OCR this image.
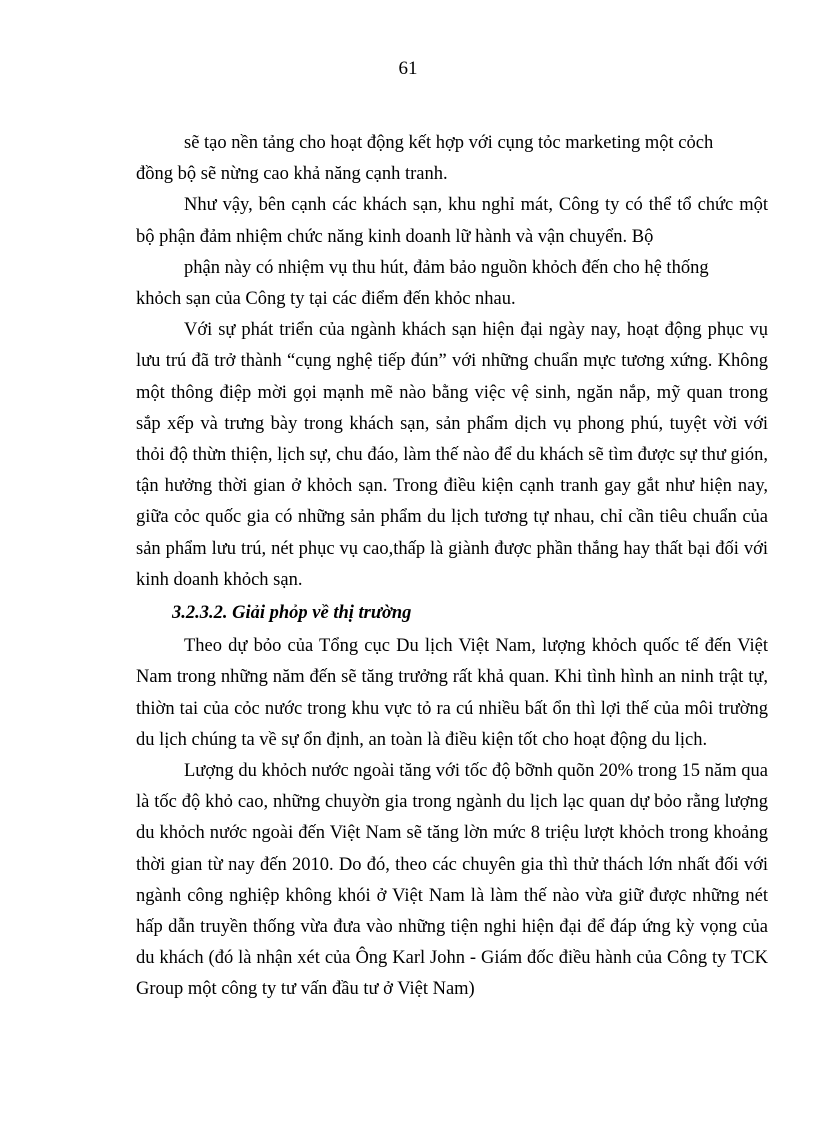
61

sẽ tạo nền tảng cho hoạt động kết hợp với cụng tỏc marketing một cỏch

đồng bộ sẽ nừng cao khả năng cạnh tranh.

Như vậy, bên cạnh các khách sạn, khu nghỉ mát, Công ty có thể tổ chức một bộ phận đảm nhiệm chức năng kinh doanh lữ hành và vận chuyển. Bộ

phận này có nhiệm vụ thu hút, đảm bảo nguồn khỏch đến cho hệ thống

khỏch sạn của Công ty tại các điểm đến khỏc nhau.

Với sự phát triển của ngành khách sạn hiện đại ngày nay, hoạt động phục vụ lưu trú đã trở thành “cụng nghệ tiếp đún” với những chuẩn mực tương xứng. Không một thông điệp mời gọi mạnh mẽ nào bằng việc vệ sinh, ngăn nắp, mỹ quan trong sắp xếp và trưng bày trong khách sạn, sản phẩm dịch vụ phong phú, tuyệt vời với thỏi độ thừn thiện, lịch sự, chu đáo, làm thế nào để du khách sẽ tìm được sự thư gión, tận hưởng thời gian ở khỏch sạn. Trong điều kiện cạnh tranh gay gắt như hiện nay, giữa cỏc quốc gia có những sản phẩm du lịch tương tự nhau, chỉ cần tiêu chuẩn của sản phẩm lưu trú, nét phục vụ cao,thấp là giành được phần thắng hay thất bại đối với kinh doanh khỏch sạn.

3.2.3.2. Giải phỏp về thị trường

Theo dự bỏo của Tổng cục Du lịch Việt Nam, lượng khỏch quốc tế đến Việt Nam trong những năm đến sẽ tăng trưởng rất khả quan. Khi tình hình an ninh trật tự, thiờn tai của cỏc nước trong khu vực tỏ ra cú nhiều bất ổn thì lợi thế của môi trường du lịch chúng ta về sự ổn định, an toàn là điều kiện tốt cho hoạt động du lịch.

Lượng du khỏch nước ngoài tăng với tốc độ bỡnh quõn 20% trong 15 năm qua là tốc độ khỏ cao, những chuyờn gia trong ngành du lịch lạc quan dự bỏo rằng lượng du khỏch nước ngoài đến Việt Nam sẽ tăng lờn mức 8 triệu lượt khỏch trong khoảng thời gian từ nay đến 2010. Do đó, theo các chuyên gia thì thử thách lớn nhất đối với ngành công nghiệp không khói ở Việt Nam là làm thế nào vừa giữ được những nét hấp dẫn truyền thống vừa đưa vào những tiện nghi hiện đại để đáp ứng kỳ vọng của du khách (đó là nhận xét của Ông Karl John - Giám đốc điều hành của Công ty TCK Group một công ty tư vấn đầu tư ở Việt Nam)
